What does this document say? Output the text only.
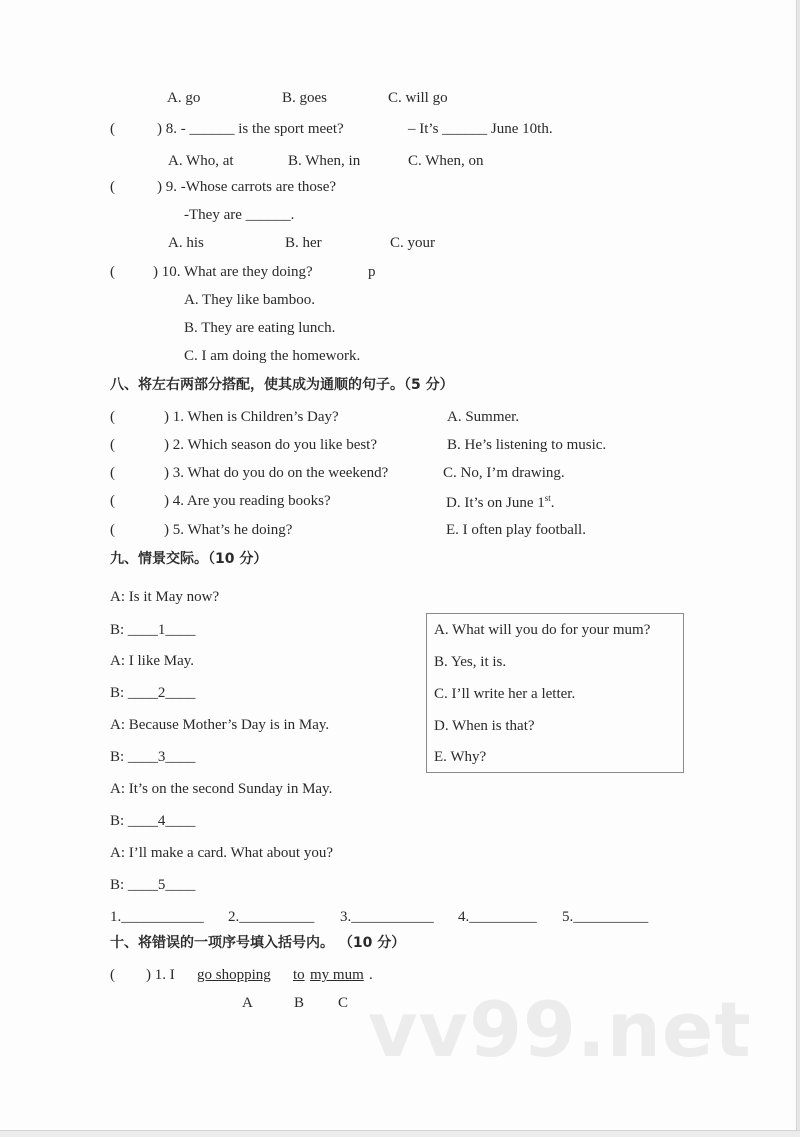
A. go	B. goes	C. will go
(	) 8. - ______ is the sport meet?	– It’s ______ June 10th.
A. Who, at	B. When, in	C. When, on
(	) 9. -Whose carrots are those?
-They are ______.
A. his	B. her	C. your
(	) 10. What are they doing?	p
A. They like bamboo.
B. They are eating lunch.
C. I am doing the homework.
八、将左右两部分搭配，使其成为通顺的句子。（5 分）
(	) 1. When is Children’s Day?	A. Summer.
(	) 2. Which season do you like best?	B. He’s listening to music.
(	) 3. What do you do on the weekend?	C. No, I’m drawing.
(	) 4. Are you reading books?	D. It’s on June 1st.
(	) 5. What’s he doing?	E. I often play football.
九、情景交际。（10 分）
A: Is it May now?
B: ____1____
A: I like May.
B: ____2____
A: Because Mother’s Day is in May.
B: ____3____
A: It’s on the second Sunday in May.
B: ____4____
A: I’ll make a card. What about you?
B: ____5____
A. What will you do for your mum?
B. Yes, it is.
C. I’ll write her a letter.
D. When is that?
E. Why?
1.___________ 2.__________ 3.___________ 4._________ 5.__________
十、将错误的一项序号填入括号内。 （10 分）
( ) 1. I go shopping to my mum .
A	B C vv99.net
